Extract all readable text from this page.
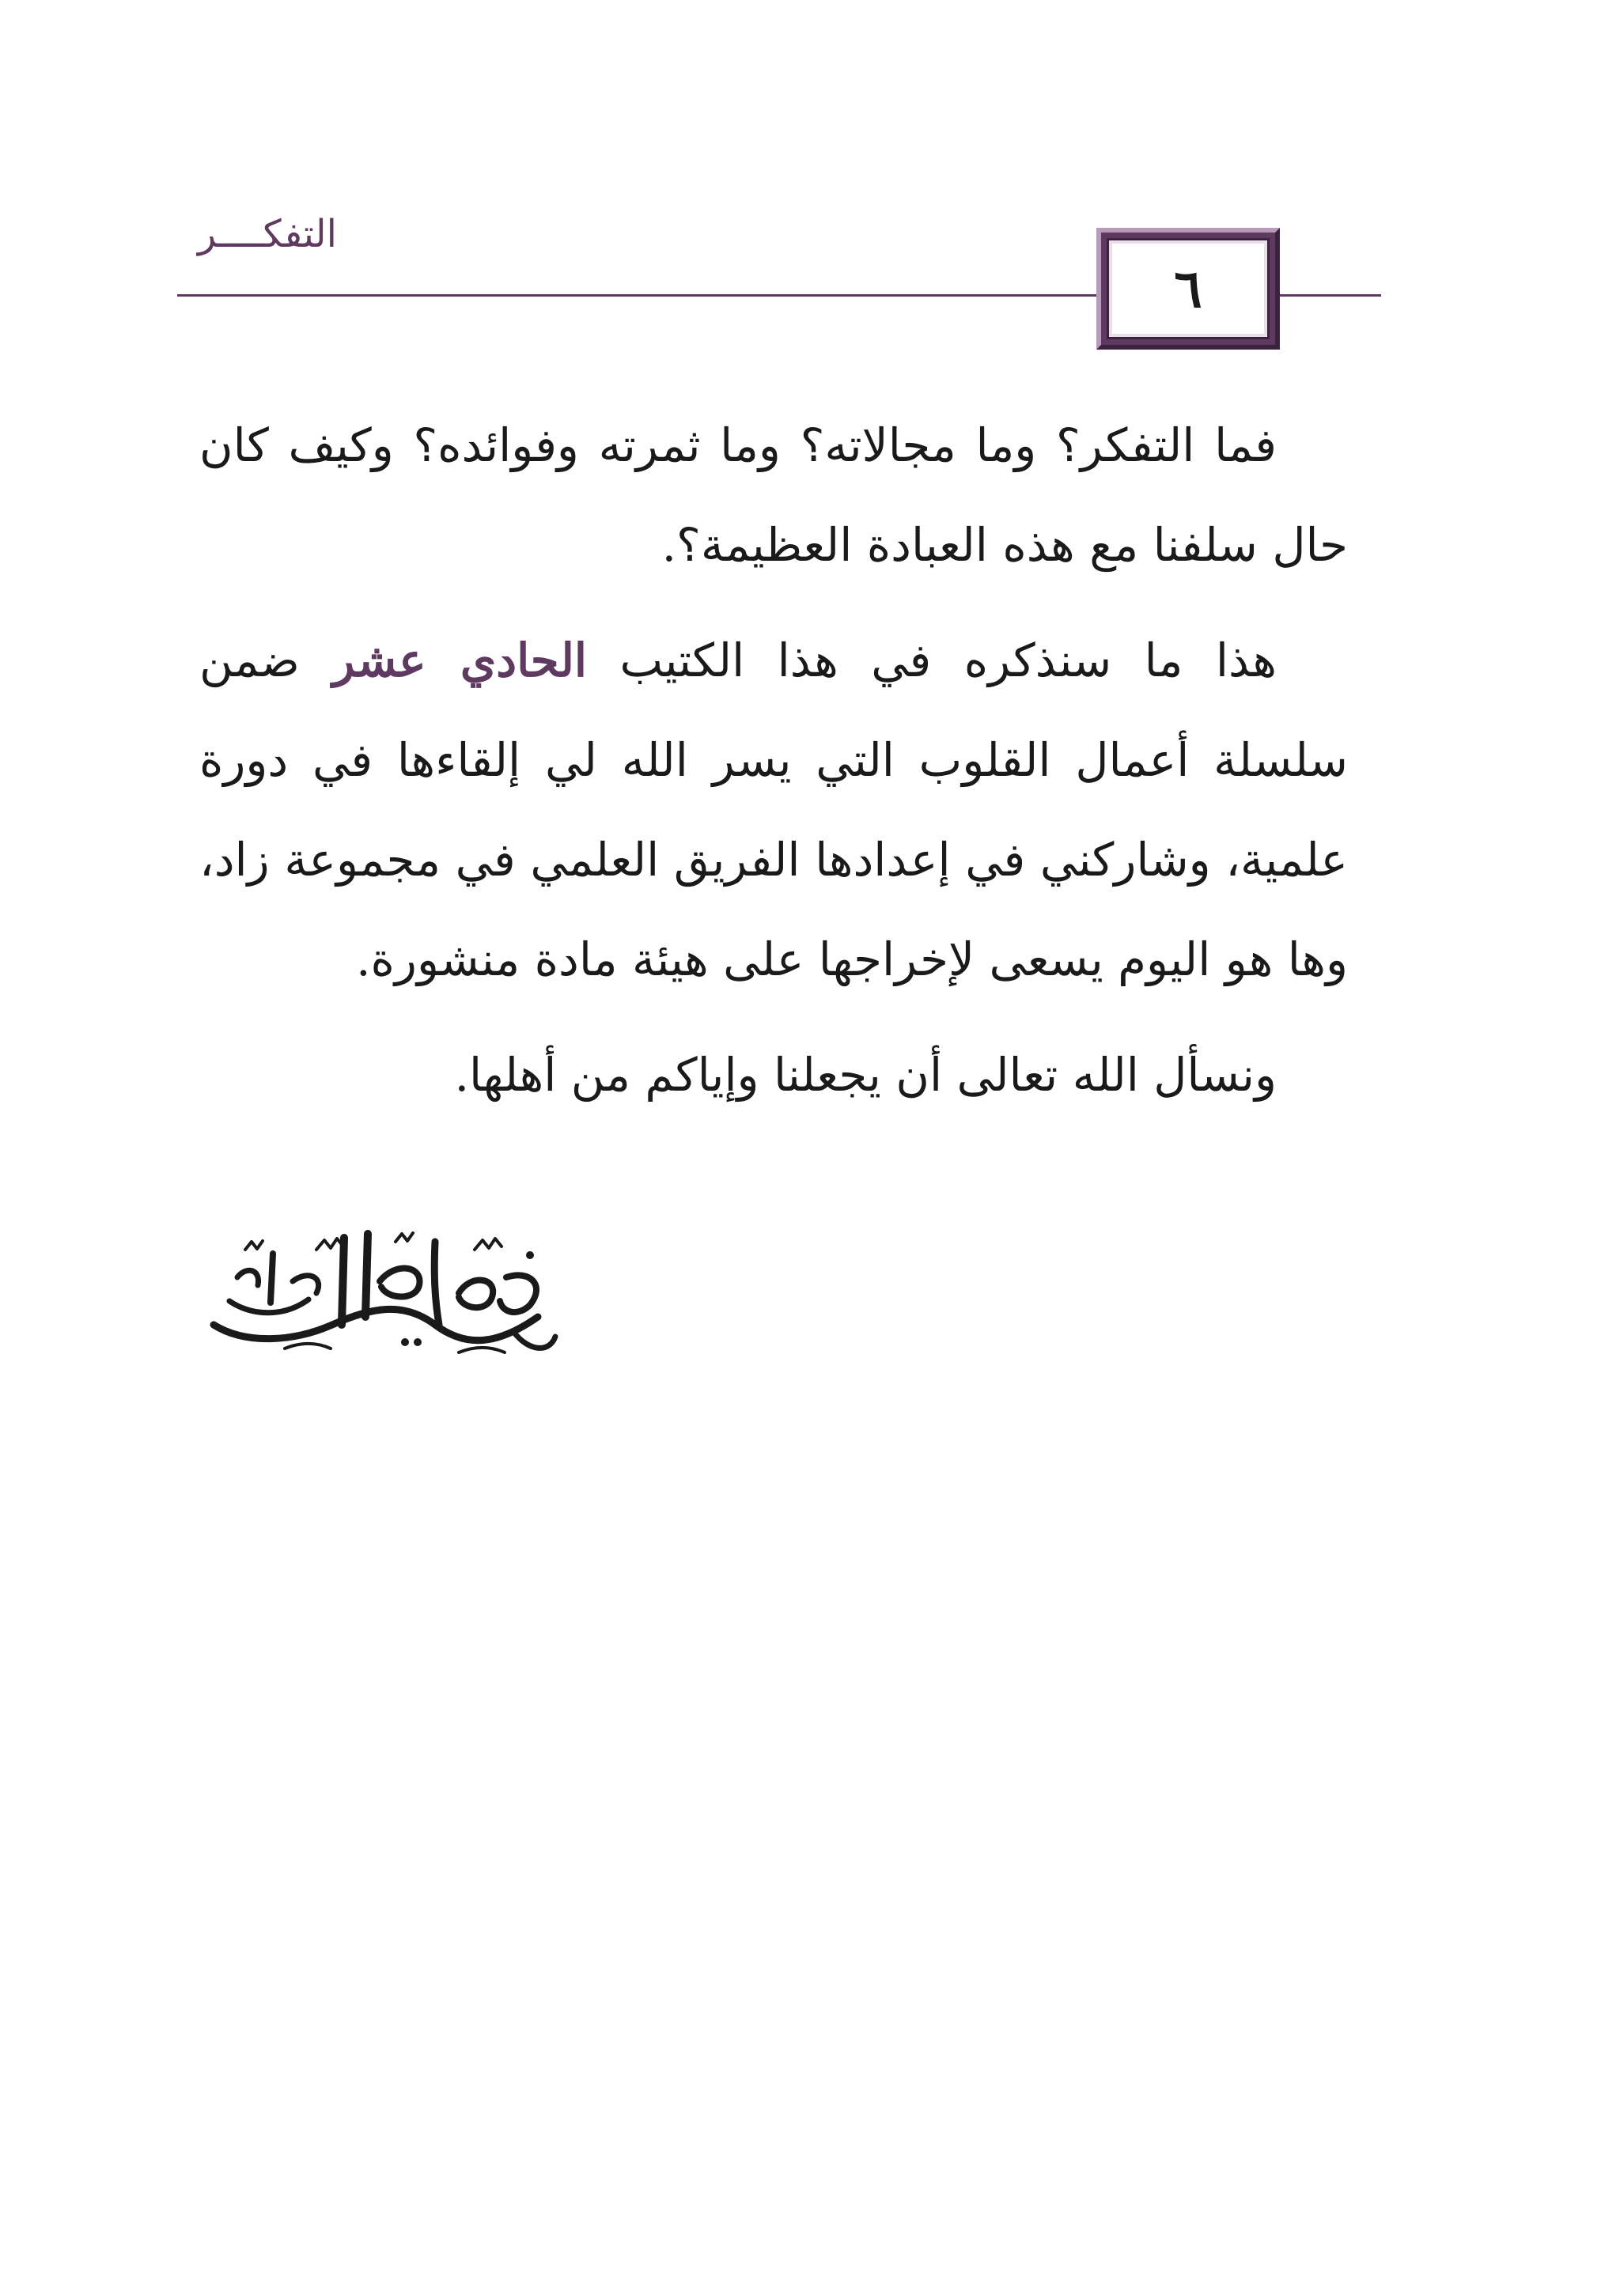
التفكــــر
٦

فما التفكر؟ وما مجالاته؟ وما ثمرته وفوائده؟ وكيف كان حال سلفنا مع هذه العبادة العظيمة؟.

هذا ما سنذكره في هذا الكتيب الحادي عشر ضمن سلسلة أعمال القلوب التي يسر الله لي إلقاءها في دورة علمية، وشاركني في إعدادها الفريق العلمي في مجموعة زاد، وها هو اليوم يسعى لإخراجها على هيئة مادة منشورة.

ونسأل الله تعالى أن يجعلنا وإياكم من أهلها.
